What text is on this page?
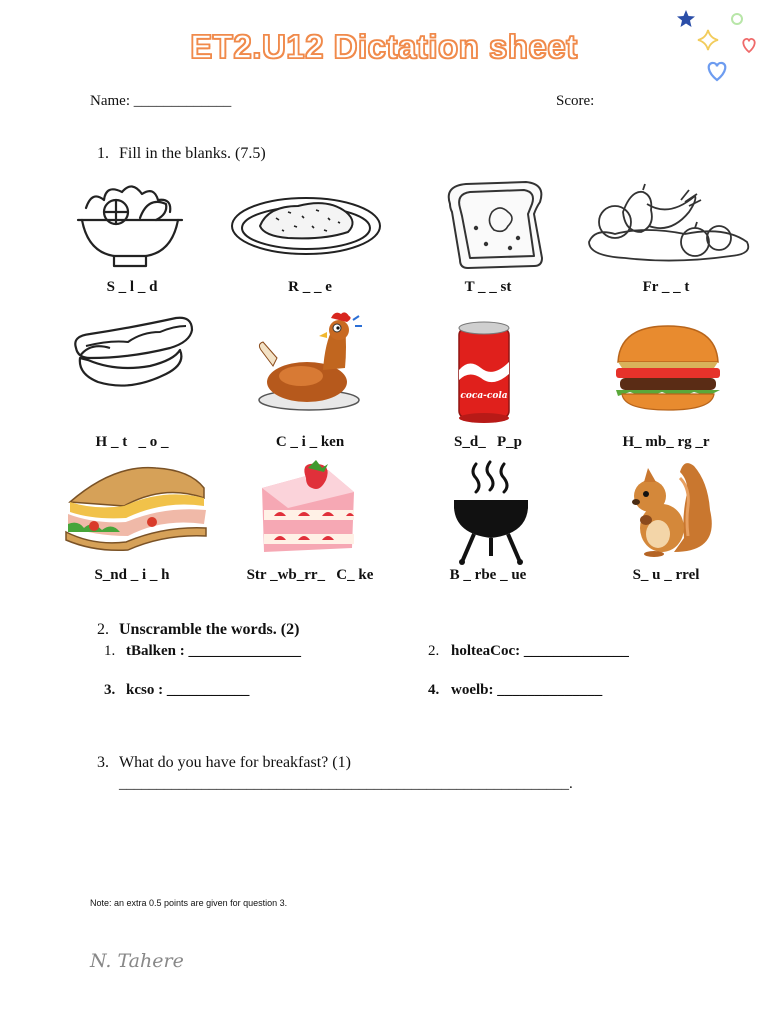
ET2.U12 Dictation sheet
Name: _____________	Score:
1. Fill in the blanks. (7.5)
S _ l _ d	R _ _ e	T _ _ st	Fr _ _ t
coca-cola
H _ t   _ o _	C _ i _ ken	S_d_   P_p	H_ mb_ rg _r
S_nd _ i _ h	Str _wb_rr_   C_ ke	B _ rbe _ ue	S_ u _ rrel
2. Unscramble the words. (2)
1. tBalken : _______________	2. holteaCoc: ______________
3. kcso : ___________	4. woelb: ______________
3. What do you have for breakfast? (1)
____________________________________________________________.
Note: an extra 0.5 points are given for question 3.
N. Tahere
